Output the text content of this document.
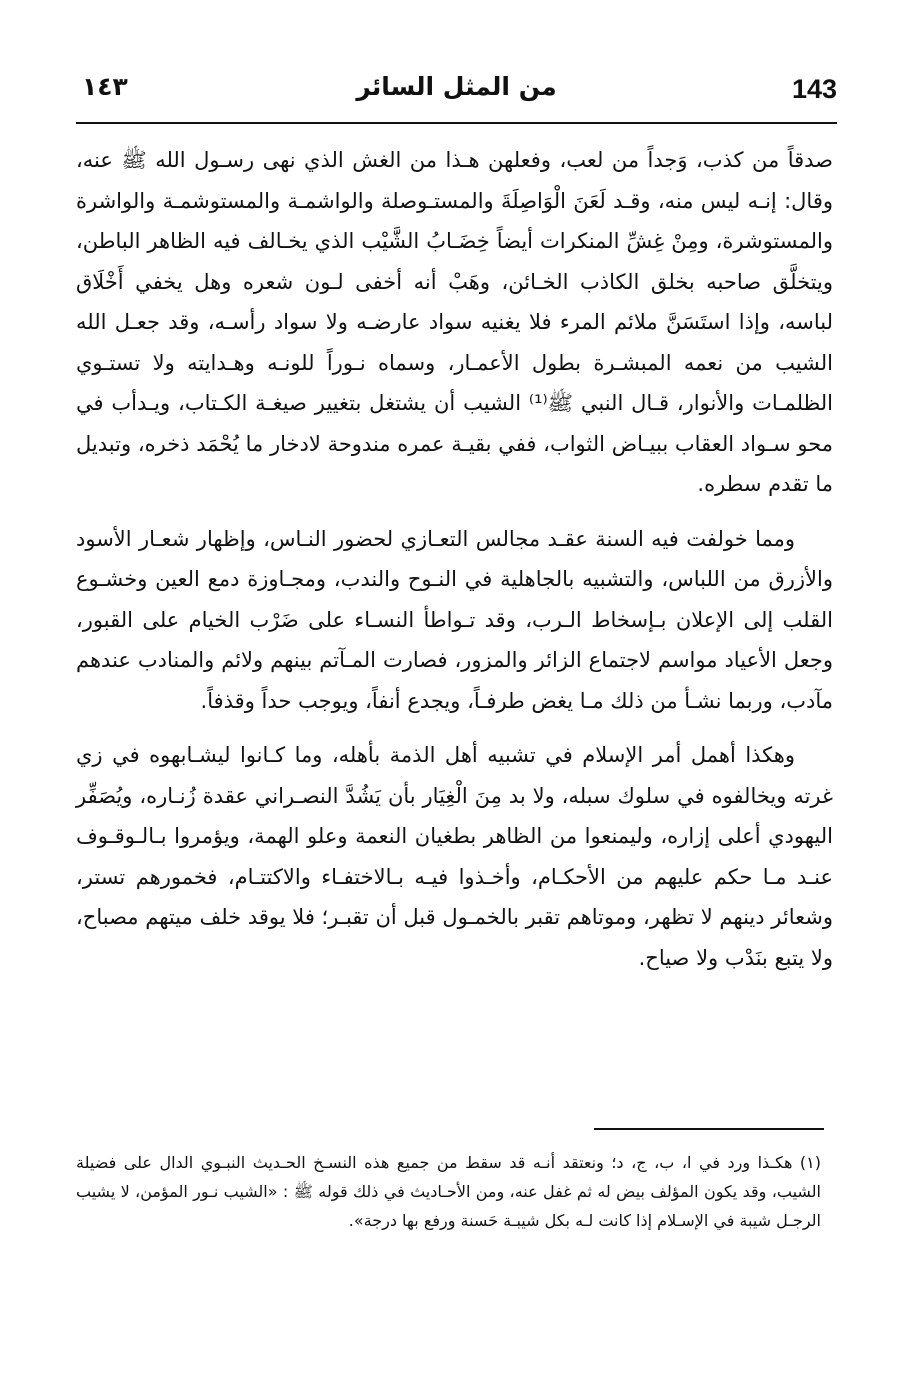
143
من المثل السائر
١٤٣

صدقاً من كذب، وَجداً من لعب، وفعلهن هـذا من الغش الذي نهى رسـول الله ﷺ عنه، وقال: إنـه ليس منه، وقـد لَعَنَ الْوَاصِلَةَ والمستـوصلة والواشمـة والمستوشمـة والواشرة والمستوشرة، ومِنْ غِشِّ المنكرات أيضاً خِضَـابُ الشَّيْب الذي يخـالف فيه الظاهر الباطن، ويتخلَّق صاحبه بخلق الكاذب الخـائن، وهَبْ أنه أخفى لـون شعره وهل يخفي أَخْلَاق لباسه، وإذا استَسَنَّ ملائم المرء فلا يغنيه سواد عارضـه ولا سواد رأسـه، وقد جعـل الله الشيب من نعمه المبشـرة بطول الأعمـار، وسماه نـوراً للونـه وهـدايته ولا تستـوي الظلمـات والأنوار، قـال النبي ﷺ⁽¹⁾ الشيب أن يشتغل بتغيير صيغـة الكـتاب، ويـدأب في محو سـواد العقاب ببيـاض الثواب، ففي بقيـة عمره مندوحة لادخار ما يُحْمَد ذخره، وتبديل ما تقدم سطره.

ومما خولفت فيه السنة عقـد مجالس التعـازي لحضور النـاس، وإظهار شعـار الأسود والأزرق من اللباس، والتشبيه بالجاهلية في النـوح والندب، ومجـاوزة دمع العين وخشـوع القلب إلى الإعلان بـإسخاط الـرب، وقد تـواطأ النسـاء على ضَرْب الخيام على القبور، وجعل الأعياد مواسم لاجتماع الزائر والمزور، فصارت المـآتم بينهم ولائم والمنادب عندهم مآدب، وربما نشـأ من ذلك مـا يغض طرفـاً، ويجدع أنفاً، ويوجب حداً وقذفاً.

وهكذا أهمل أمر الإسلام في تشبيه أهل الذمة بأهله، وما كـانوا ليشـابهوه في زي غرته ويخالفوه في سلوك سبله، ولا بد مِنَ الْغِيَار بأن يَشُدَّ النصـراني عقدة زُنـاره، ويُصَفِّر اليهودي أعلى إزاره، وليمنعوا من الظاهر بطغيان النعمة وعلو الهمة، ويؤمروا بـالـوقـوف عنـد مـا حكم عليهم من الأحكـام، وأخـذوا فيـه بـالاختفـاء والاكتتـام، فخمورهم تستر، وشعائر دينهم لا تظهر، وموتاهم تقبر بالخمـول قبل أن تقبـر؛ فلا يوقد خلف ميتهم مصباح، ولا يتبع بنَدْب ولا صياح.

(١) هكـذا ورد في ا، ب، ج، د؛ ونعتقد أنـه قد سقط من جميع هذه النسـخ الحـديث النبـوي الدال على فضيلة الشيب، وقد يكون المؤلف بيض له ثم غفل عنه، ومن الأحـاديث في ذلك قوله ﷺ : «الشيب نـور المؤمن، لا يشيب الرجـل شيبة في الإسـلام إذا كانت لـه بكل شيبـة حَسنة ورفع بها درجة».
